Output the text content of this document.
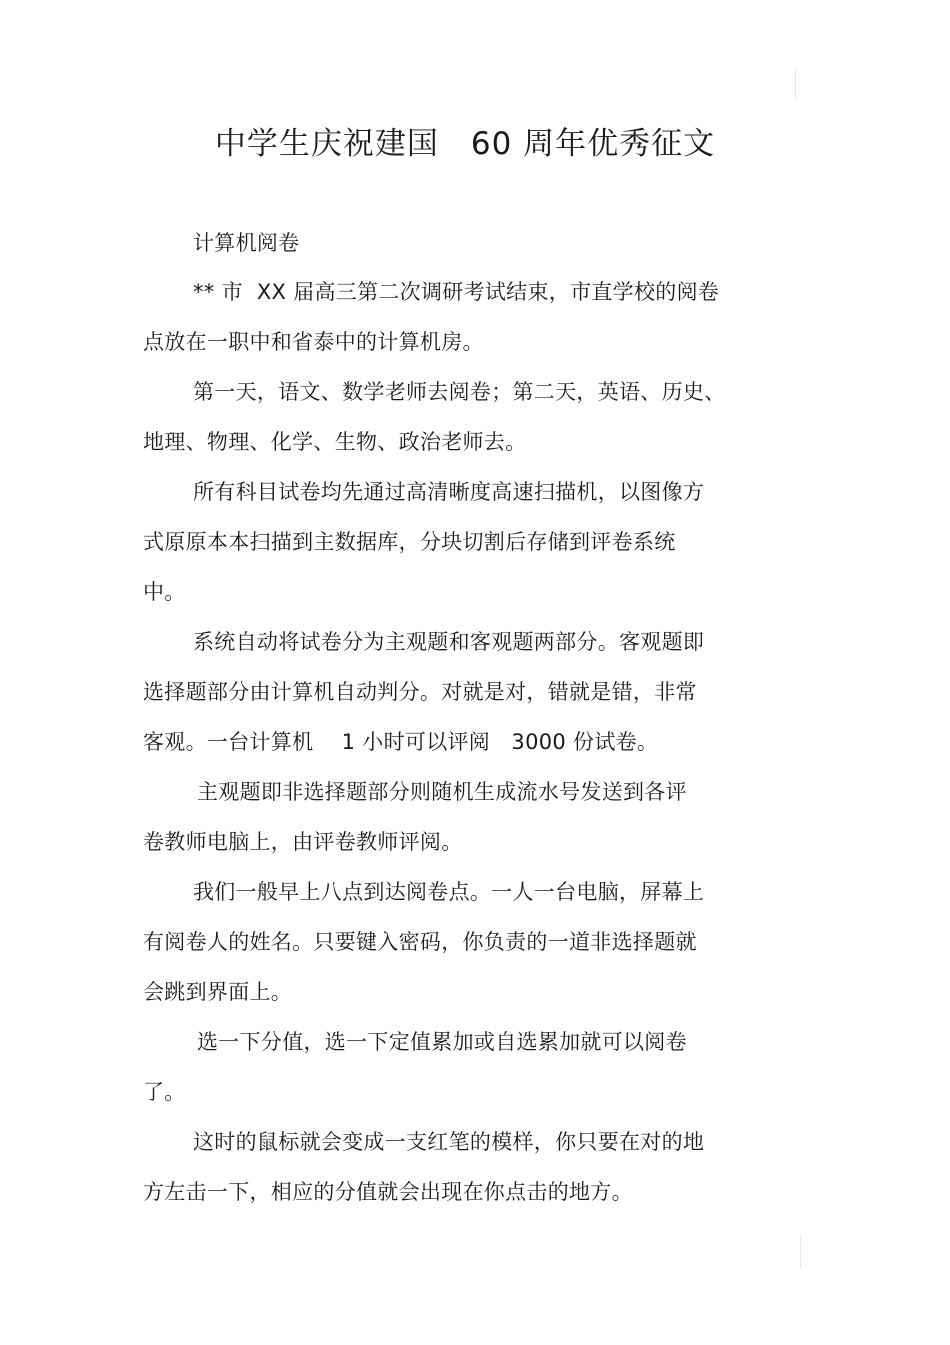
中学生庆祝建国　60 周年优秀征文
计算机阅卷
** 市  XX 届高三第二次调研考试结束，市直学校的阅卷
点放在一职中和省泰中的计算机房。
第一天，语文、数学老师去阅卷；第二天，英语、历史、
地理、物理、化学、生物、政治老师去。
所有科目试卷均先通过高清晰度高速扫描机，以图像方
式原原本本扫描到主数据库，分块切割后存储到评卷系统
中。
系统自动将试卷分为主观题和客观题两部分。客观题即
选择题部分由计算机自动判分。对就是对，错就是错，非常
客观。一台计算机　 1 小时可以评阅　3000 份试卷。
主观题即非选择题部分则随机生成流水号发送到各评
卷教师电脑上，由评卷教师评阅。
我们一般早上八点到达阅卷点。一人一台电脑，屏幕上
有阅卷人的姓名。只要键入密码，你负责的一道非选择题就
会跳到界面上。
选一下分值，选一下定值累加或自选累加就可以阅卷
了。
这时的鼠标就会变成一支红笔的模样，你只要在对的地
方左击一下，相应的分值就会出现在你点击的地方。
